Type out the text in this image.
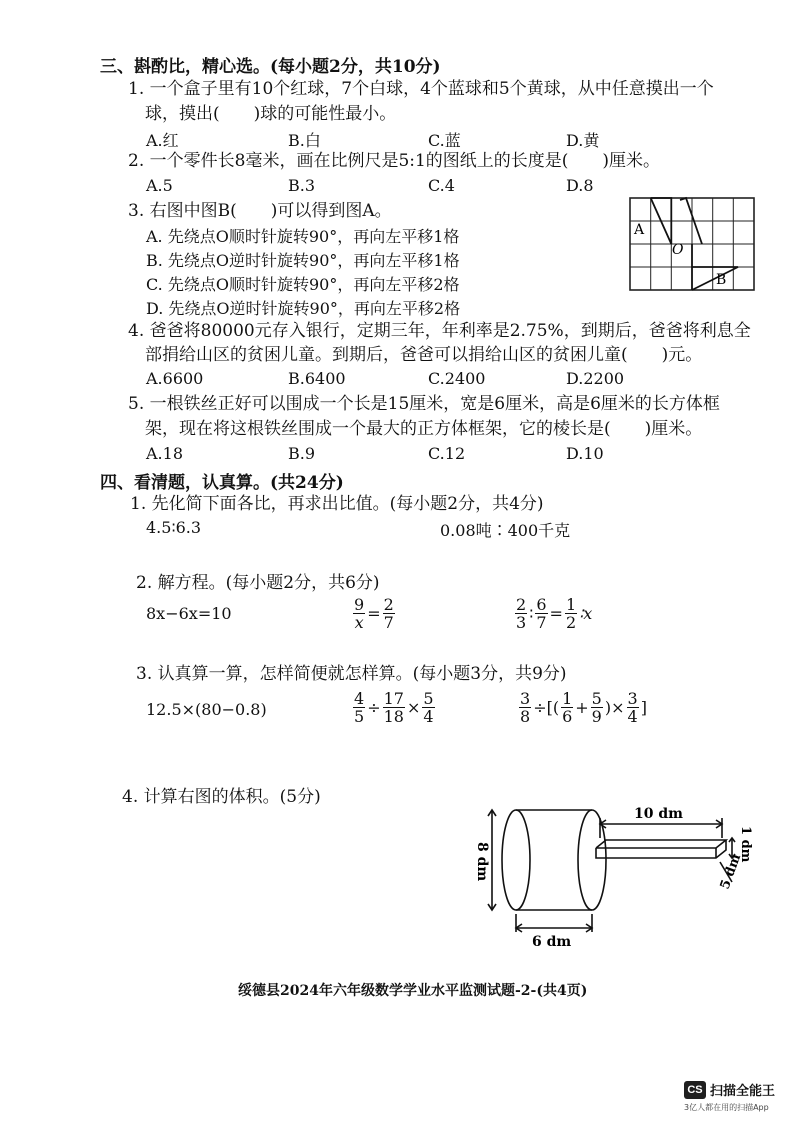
三、斟酌比，精心选。(每小题2分，共10分)
1. 一个盒子里有10个红球，7个白球，4个蓝球和5个黄球，从中任意摸出一个
球，摸出(　　)球的可能性最小。
A.红	B.白	C.蓝	D.黄
2. 一个零件长8毫米，画在比例尺是5:1的图纸上的长度是(　　)厘米。
A.5	B.3	C.4	D.8
3. 右图中图B(　　)可以得到图A。
A. 先绕点O顺时针旋转90°，再向左平移1格
B. 先绕点O逆时针旋转90°，再向左平移1格
C. 先绕点O顺时针旋转90°，再向左平移2格
D. 先绕点O逆时针旋转90°，再向左平移2格
A
O
B
4. 爸爸将80000元存入银行，定期三年，年利率是2.75%，到期后，爸爸将利息全
部捐给山区的贫困儿童。到期后，爸爸可以捐给山区的贫困儿童(　　)元。
A.6600	B.6400	C.2400	D.2200
5. 一根铁丝正好可以围成一个长是15厘米，宽是6厘米，高是6厘米的长方体框
架，现在将这根铁丝围成一个最大的正方体框架，它的棱长是(　　)厘米。
A.18	B.9	C.12	D.10
四、看清题，认真算。(共24分)
1. 先化简下面各比，再求出比值。(每小题2分，共4分)
4.5∶6.3	0.08吨∶400千克
2. 解方程。(每小题2分，共6分)
8x−6x=10	$\frac{9}{x} = \frac{2}{7}$	$\frac{2}{3}$ ∶ $\frac{6}{7} = \frac{1}{2}$ ∶x
3. 认真算一算，怎样简便就怎样算。(每小题3分，共9分)
12.5×(80−0.8)	$\frac{4}{5} \div \frac{17}{18} \times \frac{5}{4}$	$\frac{3}{8}$ ÷[( $\frac{1}{6} + \frac{5}{9}$ )× $\frac{3}{4}$ ]
4. 计算右图的体积。(5分)
8 dm
6 dm
10 dm
1 dm
5 dm
绥德县2024年六年级数学学业水平监测试题-2-(共4页)
CS 扫描全能王
3亿人都在用的扫描App
